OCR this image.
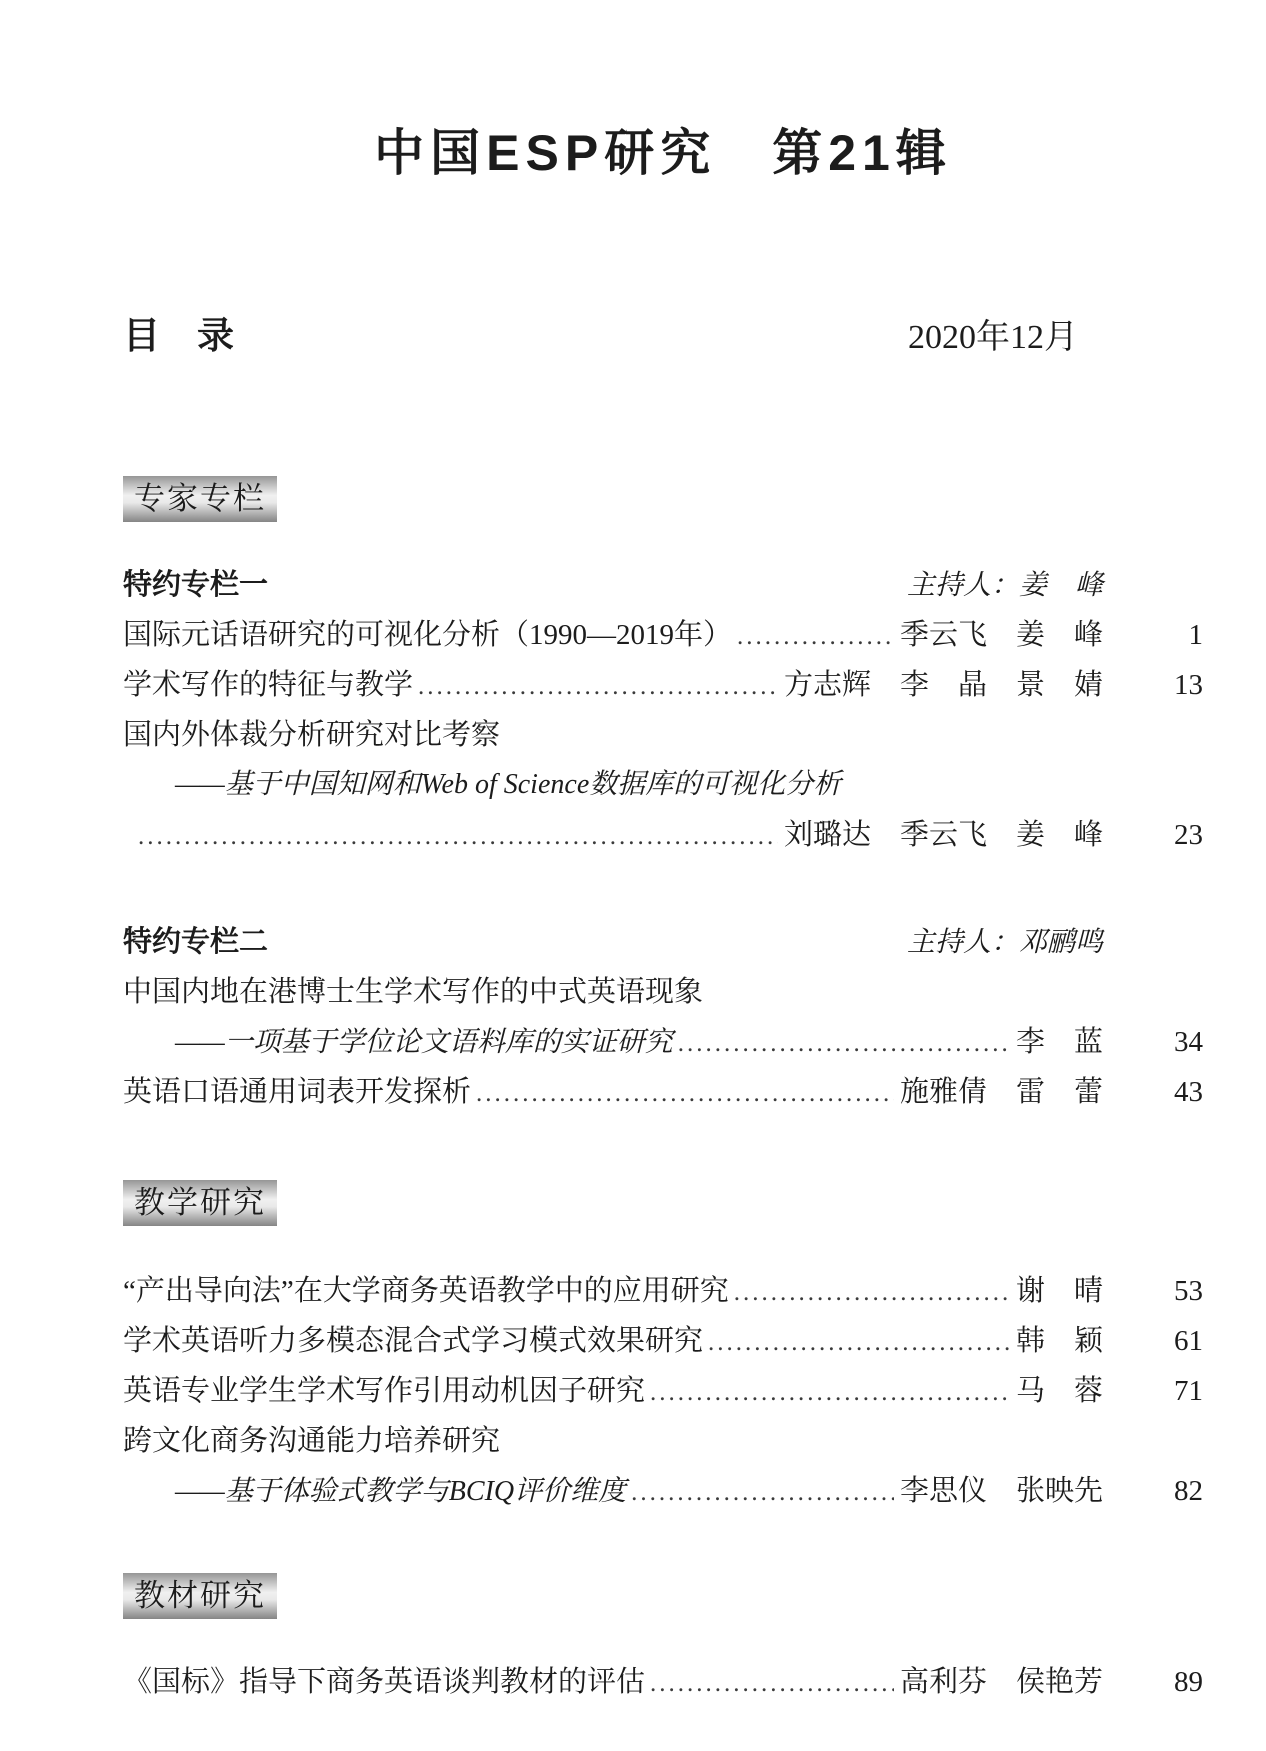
中国ESP研究　第21辑
目　录	2020年12月
专家专栏
特约专栏一	主持人：姜　峰
国际元话语研究的可视化分析（1990—2019年） .....	季云飞　姜　峰	1
学术写作的特征与教学 .....	方志辉　李　晶　景　婧	13
国内外体裁分析研究对比考察
——基于中国知网和Web of Science数据库的可视化分析
.....
刘璐达　季云飞　姜　峰	23
特约专栏二	主持人：邓鹂鸣
中国内地在港博士生学术写作的中式英语现象
——一项基于学位论文语料库的实证研究 .....	李　蓝	34
英语口语通用词表开发探析 .....	施雅倩　雷　蕾	43
教学研究
“产出导向法”在大学商务英语教学中的应用研究 .....	谢　晴	53
学术英语听力多模态混合式学习模式效果研究 .....	韩　颖	61
英语专业学生学术写作引用动机因子研究 .....	马　蓉	71
跨文化商务沟通能力培养研究
——基于体验式教学与BCIQ评价维度 .....	李思仪　张映先	82
教材研究
《国标》指导下商务英语谈判教材的评估 .....	高利芬　侯艳芳	89
